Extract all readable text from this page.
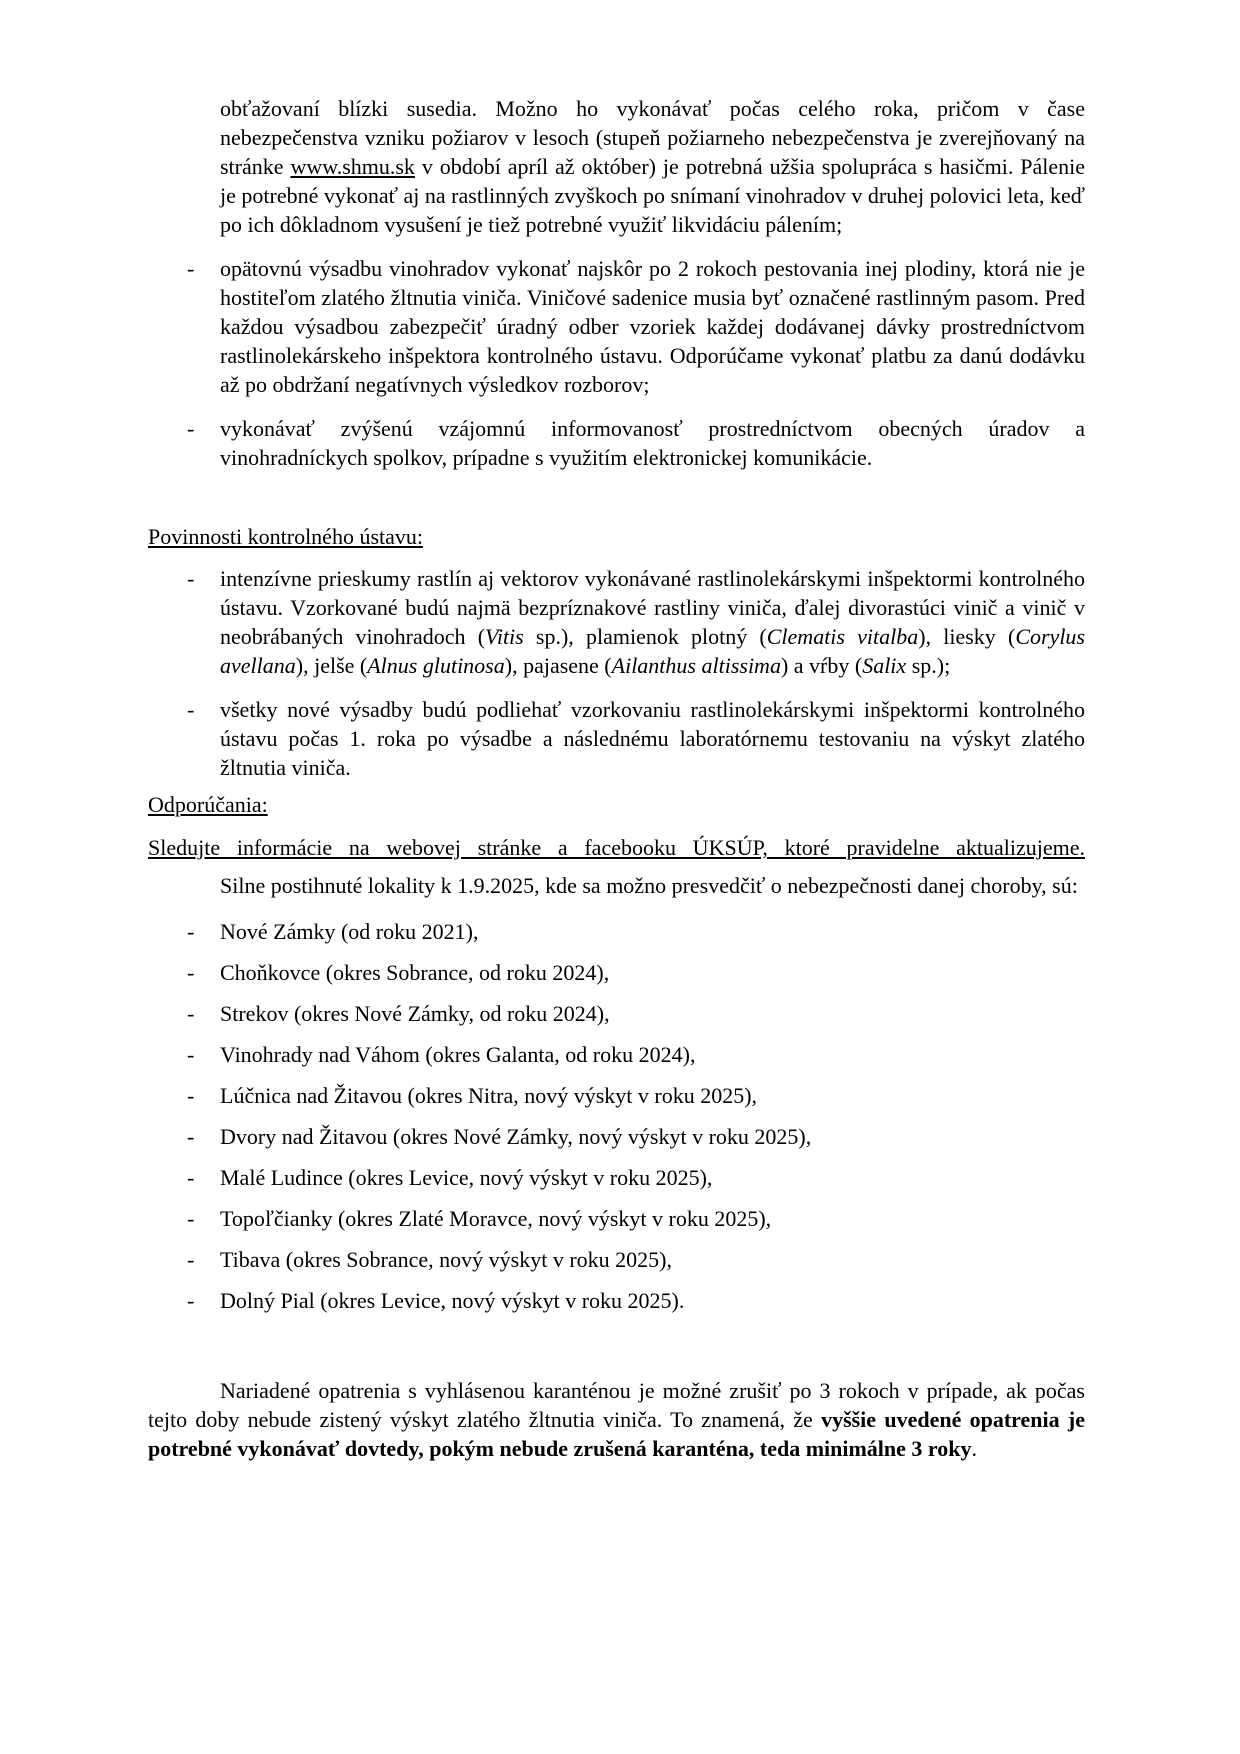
obťažovaní blízki susedia. Možno ho vykonávať počas celého roka, pričom v čase nebezpečenstva vzniku požiarov v lesoch (stupeň požiarneho nebezpečenstva je zverejňovaný na stránke www.shmu.sk v období apríl až október) je potrebná užšia spolupráca s hasičmi. Pálenie je potrebné vykonať aj na rastlinných zvyškoch po snímaní vinohradov v druhej polovici leta, keď po ich dôkladnom vysušení je tiež potrebné využiť likvidáciu pálením;

- opätovnú výsadbu vinohradov vykonať najskôr po 2 rokoch pestovania inej plodiny, ktorá nie je hostiteľom zlatého žltnutia viniča. Viničové sadenice musia byť označené rastlinným pasom. Pred každou výsadbou zabezpečiť úradný odber vzoriek každej dodávanej dávky prostredníctvom rastlinolekárskeho inšpektora kontrolného ústavu. Odporúčame vykonať platbu za danú dodávku až po obdržaní negatívnych výsledkov rozborov;
- vykonávať zvýšenú vzájomnú informovanosť prostredníctvom obecných úradov a vinohradníckych spolkov, prípadne s využitím elektronickej komunikácie.
Povinnosti kontrolného ústavu:
- intenzívne prieskumy rastlín aj vektorov vykonávané rastlinolekárskymi inšpektormi kontrolného ústavu. Vzorkované budú najmä bezpríznakové rastliny viniča, ďalej divorastúci vinič a vinič v neobrábaných vinohradoch (Vitis sp.), plamienok plotný (Clematis vitalba), liesky (Corylus avellana), jelše (Alnus glutinosa), pajasene (Ailanthus altissima) a vŕby (Salix sp.);
- všetky nové výsadby budú podliehať vzorkovaniu rastlinolekárskymi inšpektormi kontrolného ústavu počas 1. roka po výsadbe a následnému laboratórnemu testovaniu na výskyt zlatého žltnutia viniča.
Odporúčania:

Sledujte informácie na webovej stránke a facebooku ÚKSÚP, ktoré pravidelne aktualizujeme.

Silne postihnuté lokality k 1.9.2025, kde sa možno presvedčiť o nebezpečnosti danej choroby, sú:

- Nové Zámky (od roku 2021),
- Choňkovce (okres Sobrance, od roku 2024),
- Strekov (okres Nové Zámky, od roku 2024),
- Vinohrady nad Váhom (okres Galanta, od roku 2024),
- Lúčnica nad Žitavou (okres Nitra, nový výskyt v roku 2025),
- Dvory nad Žitavou (okres Nové Zámky, nový výskyt v roku 2025),
- Malé Ludince (okres Levice, nový výskyt v roku 2025),
- Topoľčianky (okres Zlaté Moravce, nový výskyt v roku 2025),
- Tibava (okres Sobrance, nový výskyt v roku 2025),
- Dolný Pial (okres Levice, nový výskyt v roku 2025).

Nariadené opatrenia s vyhlásenou karanténou je možné zrušiť po 3 rokoch v prípade, ak počas tejto doby nebude zistený výskyt zlatého žltnutia viniča. To znamená, že vyššie uvedené opatrenia je potrebné vykonávať dovtedy, pokým nebude zrušená karanténa, teda minimálne 3 roky.
